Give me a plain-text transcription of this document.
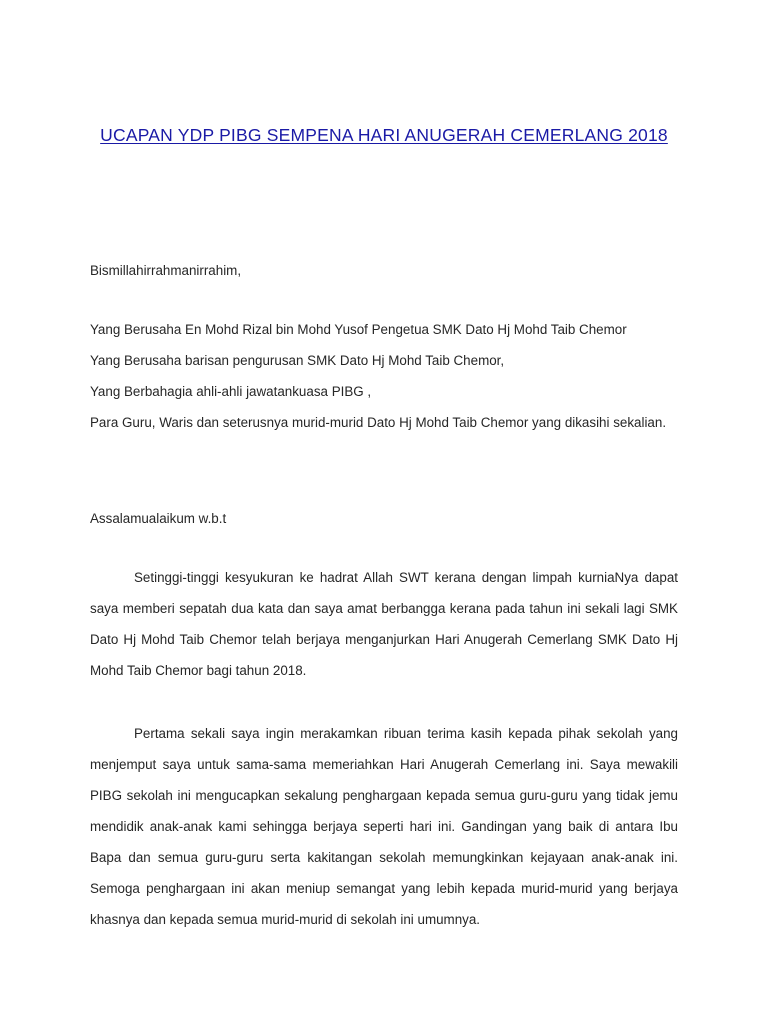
UCAPAN YDP PIBG SEMPENA HARI ANUGERAH CEMERLANG 2018

Bismillahirrahmanirrahim,

Yang Berusaha En Mohd Rizal bin Mohd Yusof Pengetua SMK Dato Hj Mohd Taib Chemor
Yang Berusaha barisan pengurusan SMK Dato Hj Mohd Taib Chemor,
Yang Berbahagia ahli-ahli jawatankuasa PIBG ,
Para Guru, Waris dan seterusnya murid-murid Dato Hj Mohd Taib Chemor yang dikasihi sekalian.

Assalamualaikum w.b.t

Setinggi-tinggi kesyukuran ke hadrat Allah SWT kerana dengan limpah kurniaNya dapat saya memberi sepatah dua kata dan saya amat berbangga kerana pada tahun ini sekali lagi SMK Dato Hj Mohd Taib Chemor telah berjaya menganjurkan Hari Anugerah Cemerlang SMK Dato Hj Mohd Taib Chemor bagi tahun 2018.

Pertama sekali saya ingin merakamkan ribuan terima kasih kepada pihak sekolah yang menjemput saya untuk sama-sama memeriahkan Hari Anugerah Cemerlang ini. Saya mewakili PIBG sekolah ini mengucapkan sekalung penghargaan kepada semua guru-guru yang tidak jemu mendidik anak-anak kami sehingga berjaya seperti hari ini. Gandingan yang baik di antara Ibu Bapa dan semua guru-guru serta kakitangan sekolah memungkinkan kejayaan anak-anak ini. Semoga penghargaan ini akan meniup semangat yang lebih kepada murid-murid yang berjaya khasnya dan kepada semua murid-murid di sekolah ini umumnya.
